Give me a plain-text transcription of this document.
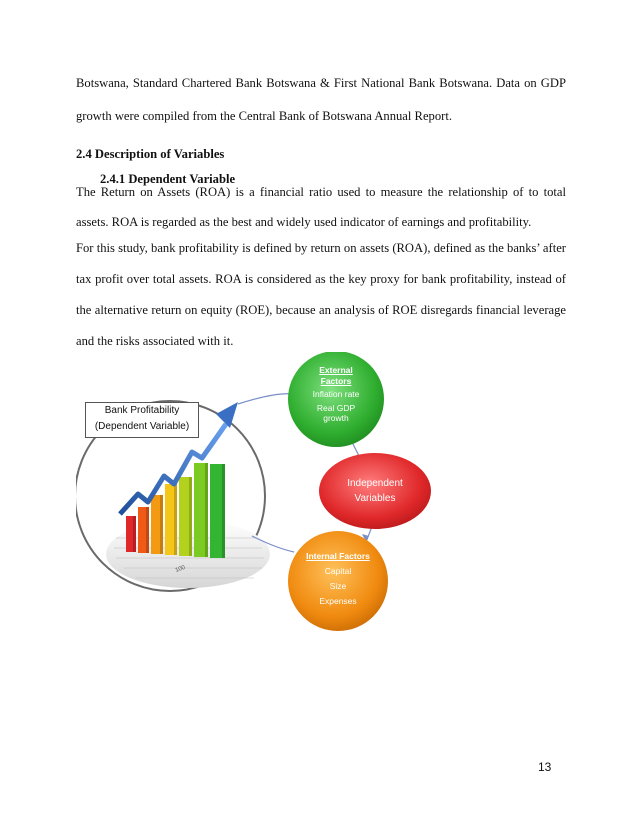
Botswana, Standard Chartered Bank Botswana & First National Bank Botswana. Data on GDP
growth were compiled from the Central Bank of Botswana Annual Report.
2.4 Description of Variables
2.4.1 Dependent Variable
The Return on Assets (ROA) is a financial ratio used to measure the relationship of to total
assets. ROA is regarded as the best and widely used indicator of earnings and profitability.
For this study, bank profitability is defined by return on assets (ROA), defined as the banks’ after
tax profit over total assets. ROA is considered as the key proxy for bank profitability, instead of
the alternative return on equity (ROE), because an analysis of ROE disregards financial leverage
and the risks associated with it.
100
Bank Profitability
(Dependent Variable)
External
Factors
Inflation rate
Real GDP
growth
Independent
Variables
Internal Factors
Capital
Size
Expenses
13
